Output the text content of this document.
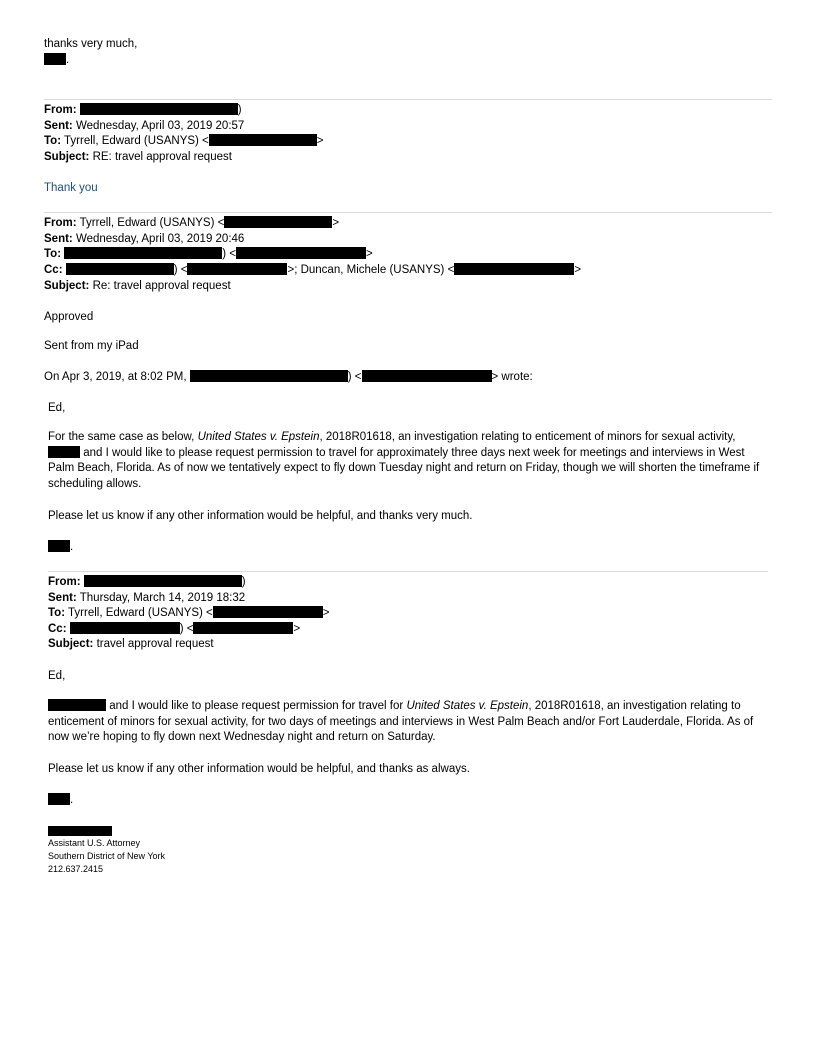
thanks very much,
.
From:	)
Sent: Wednesday, April 03, 2019 20:57
To: Tyrrell, Edward (USANYS) <	>
Subject: RE: travel approval request
Thank you
From: Tyrrell, Edward (USANYS) <	>
Sent: Wednesday, April 03, 2019 20:46
To:	) <	>
Cc:	) <	>; Duncan, Michele (USANYS) <	>
Subject: Re: travel approval request
Approved
Sent from my iPad
On Apr 3, 2019, at 8:02 PM,	) <	> wrote:
Ed,
For the same case as below, United States v. Epstein, 2018R01618, an investigation relating to enticement of minors for sexual activity,  and I would like to please request permission to travel for approximately three days next week for meetings and interviews in West Palm Beach, Florida. As of now we tentatively expect to fly down Tuesday night and return on Friday, though we will shorten the timeframe if scheduling allows.
Please let us know if any other information would be helpful, and thanks very much.
.
From:	)
Sent: Thursday, March 14, 2019 18:32
To: Tyrrell, Edward (USANYS) <	>
Cc:	) <	>
Subject: travel approval request
Ed,
and I would like to please request permission for travel for United States v. Epstein, 2018R01618, an investigation relating to enticement of minors for sexual activity, for two days of meetings and interviews in West Palm Beach and/or Fort Lauderdale, Florida. As of now we’re hoping to fly down next Wednesday night and return on Saturday.
Please let us know if any other information would be helpful, and thanks as always.
.
Assistant U.S. Attorney
Southern District of New York
212.637.2415
